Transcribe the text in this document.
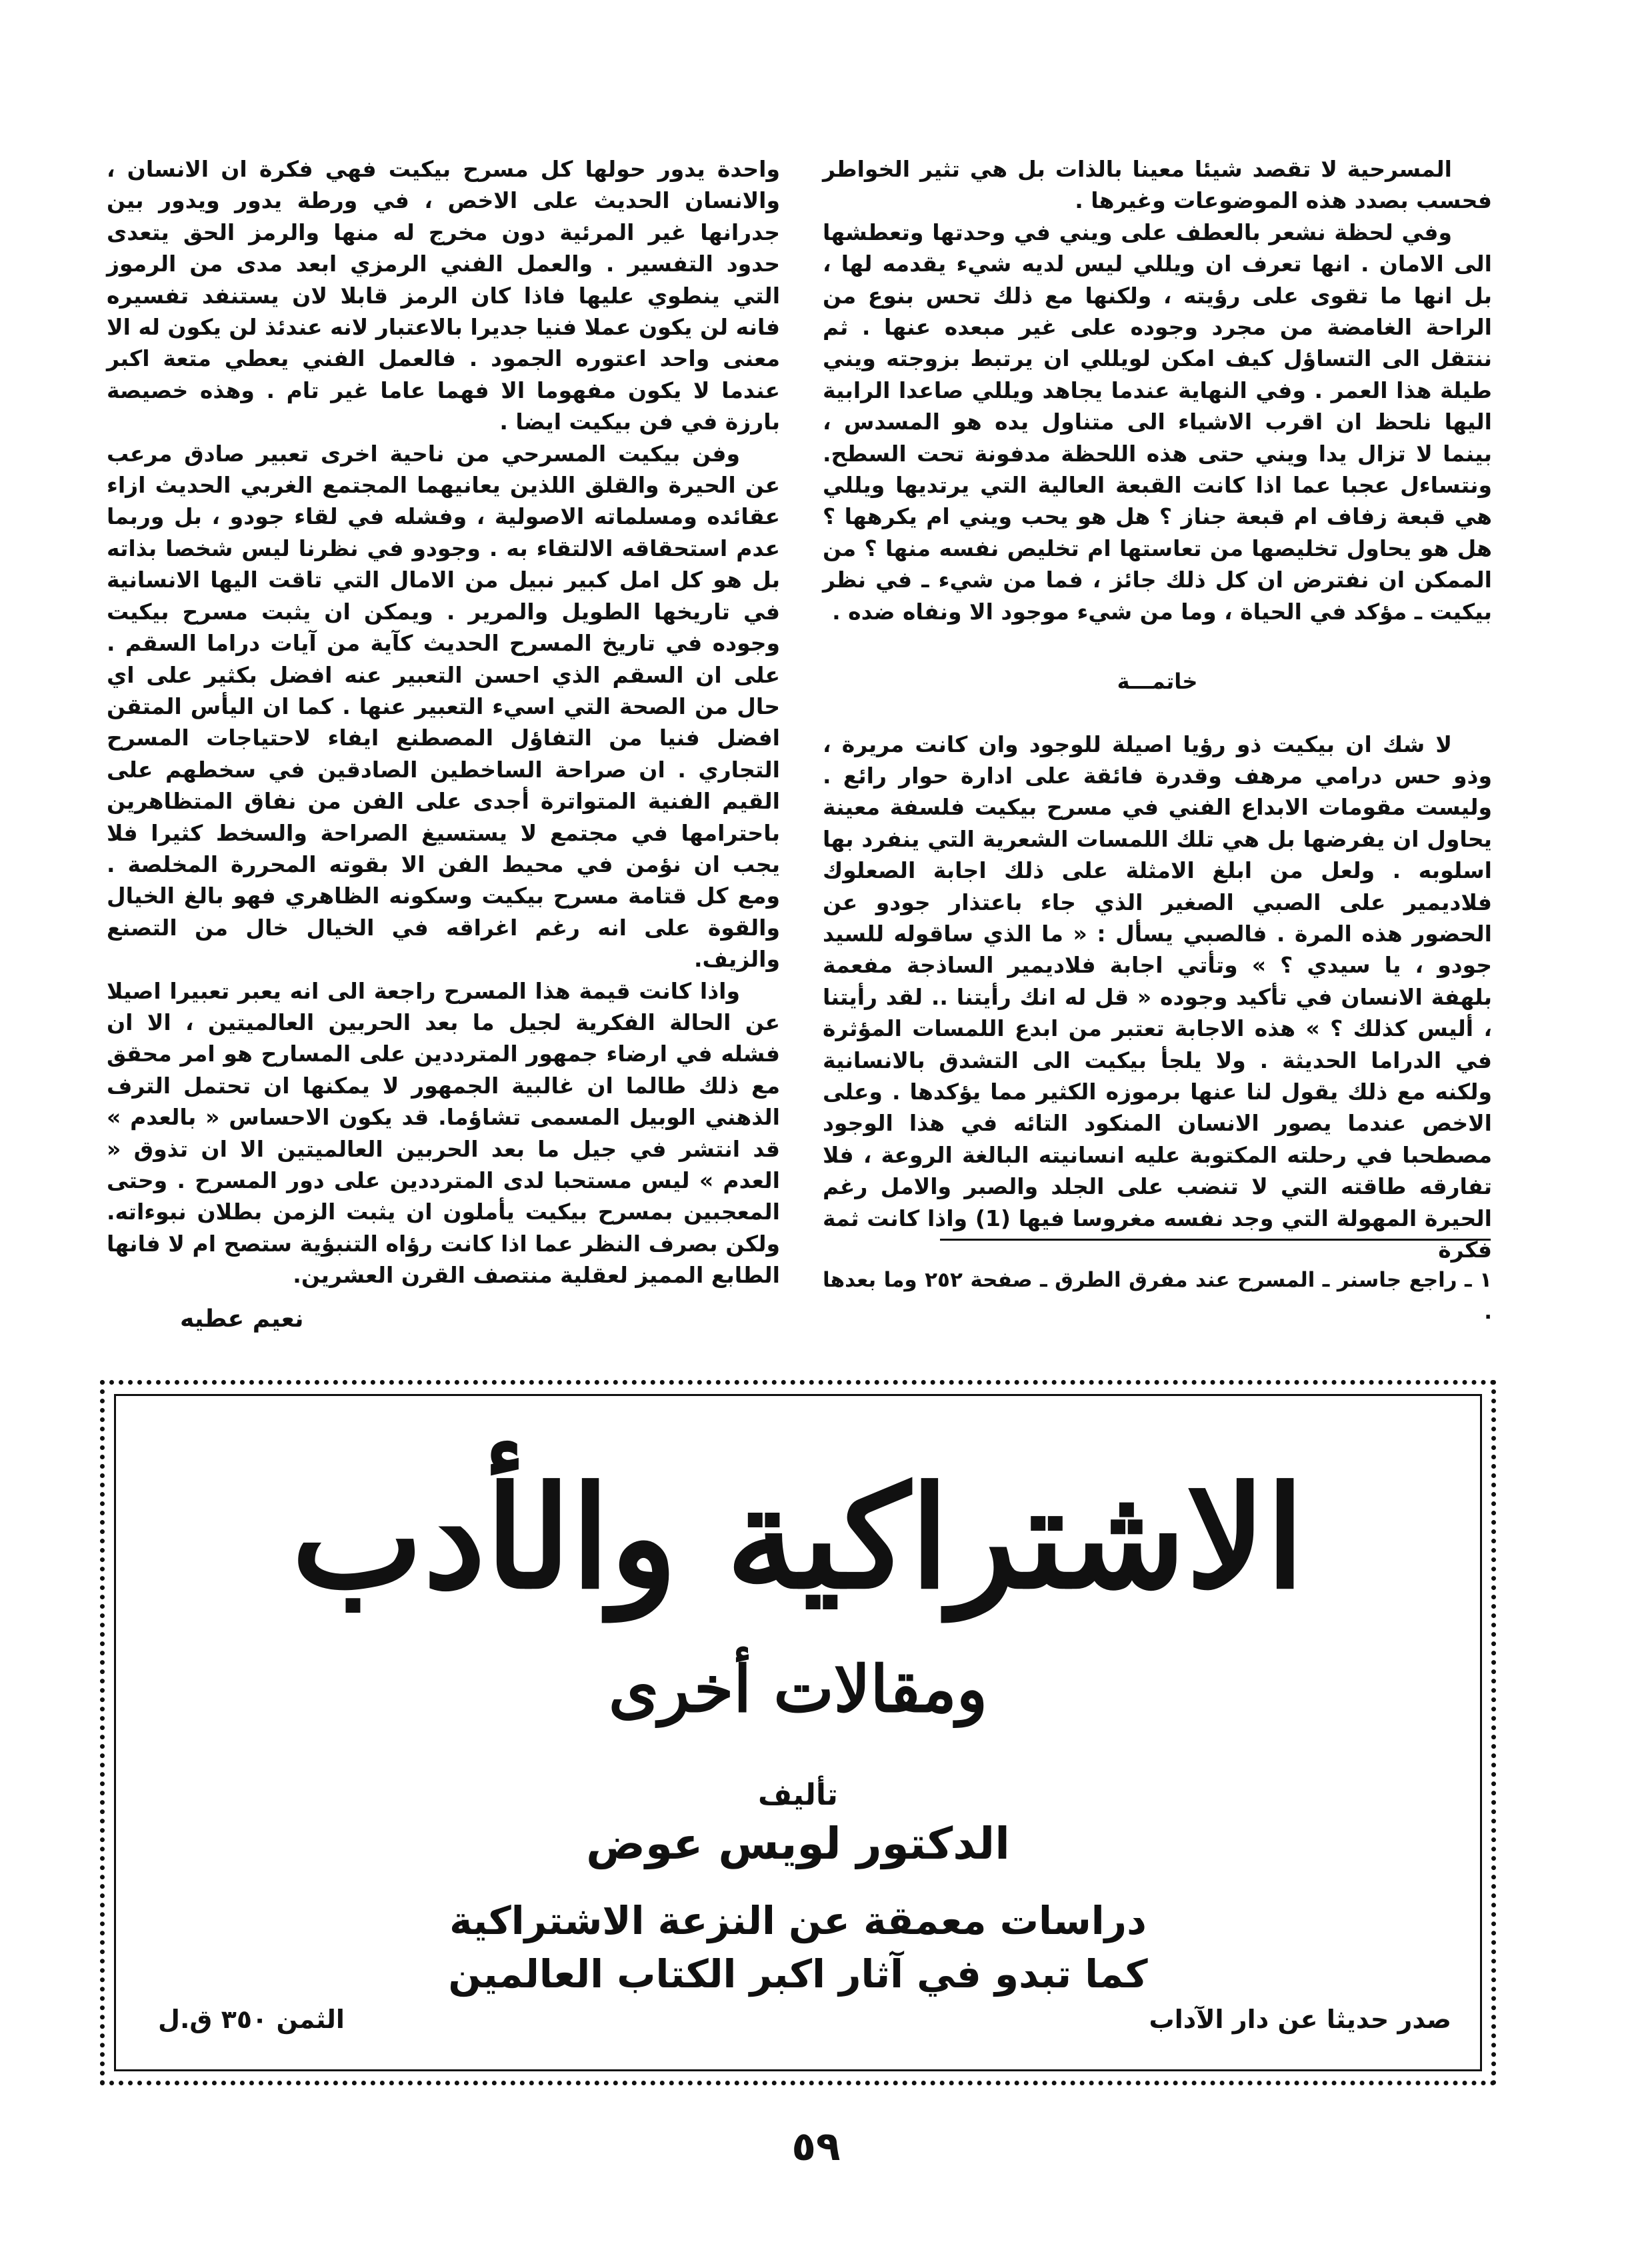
المسرحية لا تقصد شيئا معينا بالذات بل هي تثير الخواطر فحسب بصدد هذه الموضوعات وغيرها .

وفي لحظة نشعر بالعطف على ويني في وحدتها وتعطشها الى الامان . انها تعرف ان ويللي ليس لديه شيء يقدمه لها ، بل انها ما تقوى على رؤيته ، ولكنها مع ذلك تحس بنوع من الراحة الغامضة من مجرد وجوده على غير مبعده عنها . ثم ننتقل الى التساؤل كيف امكن لويللي ان يرتبط بزوجته ويني طيلة هذا العمر . وفي النهاية عندما يجاهد ويللي صاعدا الرابية اليها نلحظ ان اقرب الاشياء الى متناول يده هو المسدس ، بينما لا تزال يدا ويني حتى هذه اللحظة مدفونة تحت السطح. ونتساءل عجبا عما اذا كانت القبعة العالية التي يرتديها ويللي هي قبعة زفاف ام قبعة جناز ؟ هل هو يحب ويني ام يكرهها ؟ هل هو يحاول تخليصها من تعاستها ام تخليص نفسه منها ؟ من الممكن ان نفترض ان كل ذلك جائز ، فما من شيء ـ في نظر بيكيت ـ مؤكد في الحياة ، وما من شيء موجود الا ونفاه ضده .

خاتمـــة

لا شك ان بيكيت ذو رؤيا اصيلة للوجود وان كانت مريرة ، وذو حس درامي مرهف وقدرة فائقة على ادارة حوار رائع . وليست مقومات الابداع الفني في مسرح بيكيت فلسفة معينة يحاول ان يفرضها بل هي تلك اللمسات الشعرية التي ينفرد بها اسلوبه . ولعل من ابلغ الامثلة على ذلك اجابة الصعلوك فلاديمير على الصبي الصغير الذي جاء باعتذار جودو عن الحضور هذه المرة . فالصبي يسأل : « ما الذي ساقوله للسيد جودو ، يا سيدي ؟ » وتأتي اجابة فلاديمير الساذجة مفعمة بلهفة الانسان في تأكيد وجوده « قل له انك رأيتنا .. لقد رأيتنا ، أليس كذلك ؟ » هذه الاجابة تعتبر من ابدع اللمسات المؤثرة في الدراما الحديثة . ولا يلجأ بيكيت الى التشدق بالانسانية ولكنه مع ذلك يقول لنا عنها برموزه الكثير مما يؤكدها . وعلى الاخص عندما يصور الانسان المنكود التائه في هذا الوجود مصطحبا في رحلته المكتوبة عليه انسانيته البالغة الروعة ، فلا تفارقه طاقته التي لا تنضب على الجلد والصبر والامل رغم الحيرة المهولة التي وجد نفسه مغروسا فيها (1) واذا كانت ثمة فكرة

واحدة يدور حولها كل مسرح بيكيت فهي فكرة ان الانسان ، والانسان الحديث على الاخص ، في ورطة يدور ويدور بين جدرانها غير المرئية دون مخرج له منها والرمز الحق يتعدى حدود التفسير . والعمل الفني الرمزي ابعد مدى من الرموز التي ينطوي عليها فاذا كان الرمز قابلا لان يستنفد تفسيره فانه لن يكون عملا فنيا جديرا بالاعتبار لانه عندئذ لن يكون له الا معنى واحد اعتوره الجمود . فالعمل الفني يعطي متعة اكبر عندما لا يكون مفهوما الا فهما عاما غير تام . وهذه خصيصة بارزة في فن بيكيت ايضا .

وفن بيكيت المسرحي من ناحية اخرى تعبير صادق مرعب عن الحيرة والقلق اللذين يعانيهما المجتمع الغربي الحديث ازاء عقائده ومسلماته الاصولية ، وفشله في لقاء جودو ، بل وربما عدم استحقاقه الالتقاء به . وجودو في نظرنا ليس شخصا بذاته بل هو كل امل كبير نبيل من الامال التي تاقت اليها الانسانية في تاريخها الطويل والمرير . ويمكن ان يثبت مسرح بيكيت وجوده في تاريخ المسرح الحديث كآية من آيات دراما السقم . على ان السقم الذي احسن التعبير عنه افضل بكثير على اي حال من الصحة التي اسيء التعبير عنها . كما ان اليأس المتقن افضل فنيا من التفاؤل المصطنع ايفاء لاحتياجات المسرح التجاري . ان صراحة الساخطين الصادقين في سخطهم على القيم الفنية المتواترة أجدى على الفن من نفاق المتظاهرين باحترامها في مجتمع لا يستسيغ الصراحة والسخط كثيرا فلا يجب ان نؤمن في محيط الفن الا بقوته المحررة المخلصة . ومع كل قتامة مسرح بيكيت وسكونه الظاهري فهو بالغ الخيال والقوة على انه رغم اغراقه في الخيال خال من التصنع والزيف.

واذا كانت قيمة هذا المسرح راجعة الى انه يعبر تعبيرا اصيلا عن الحالة الفكرية لجيل ما بعد الحربين العالميتين ، الا ان فشله في ارضاء جمهور المترددين على المسارح هو امر محقق مع ذلك طالما ان غالبية الجمهور لا يمكنها ان تحتمل الترف الذهني الوبيل المسمى تشاؤما. قد يكون الاحساس « بالعدم » قد انتشر في جيل ما بعد الحربين العالميتين الا ان تذوق « العدم » ليس مستحبا لدى المترددين على دور المسرح . وحتى المعجبين بمسرح بيكيت يأملون ان يثبت الزمن بطلان نبوءاته. ولكن بصرف النظر عما اذا كانت رؤاه التنبؤية ستصح ام لا فانها الطابع المميز لعقلية منتصف القرن العشرين. ١ ـ راجع جاسنر ـ المسرح عند مفرق الطرق ـ صفحة ٢٥٢ وما بعدها .
نعيم عطيه
الاشتراكية والأدب
ومقالات أخرى
تأليف
الدكتور لويس عوض
دراسات معمقة عن النزعة الاشتراكية
كما تبدو في آثار اكبر الكتاب العالمين
صدر حديثا عن دار الآداب
الثمن ٣٥٠ ق.ل
٥٩
